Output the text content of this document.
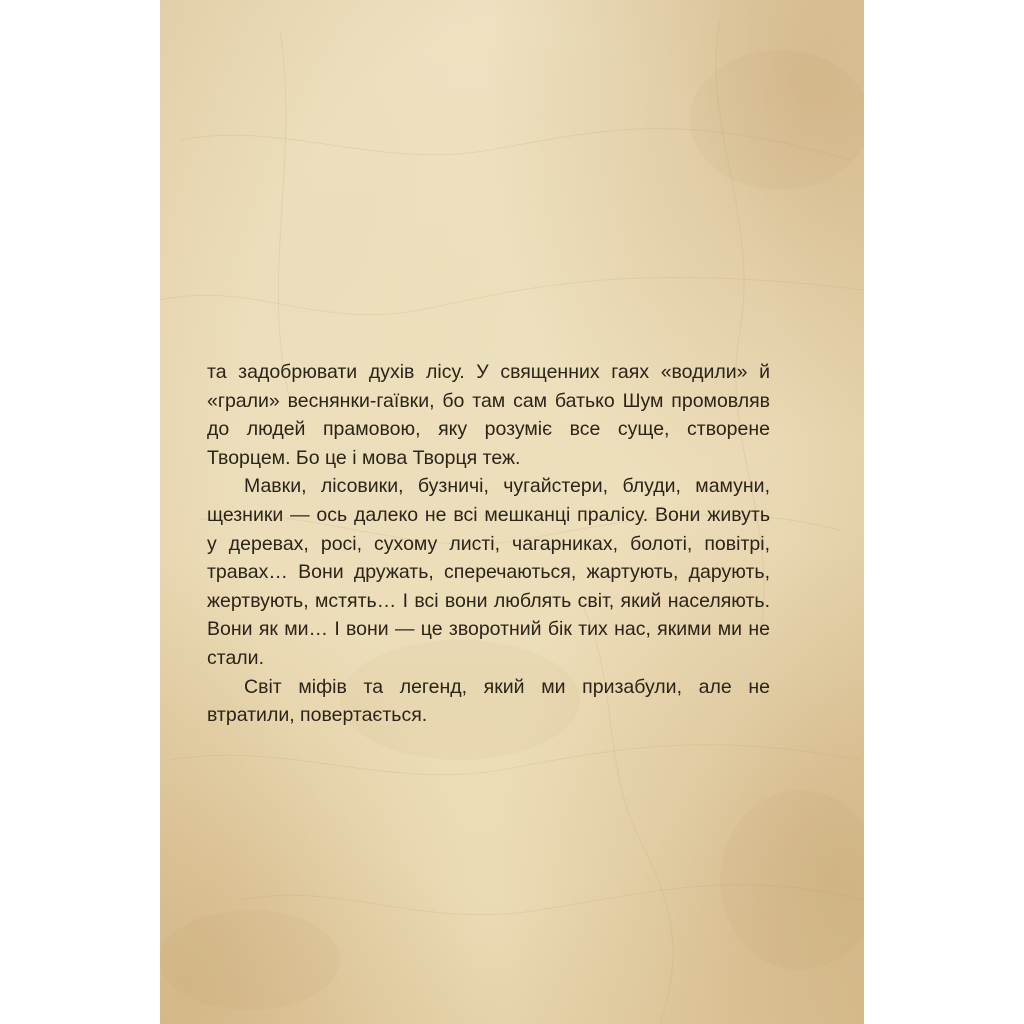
та задобрювати духів лісу. У священних гаях «водили» й «грали» веснянки-гаївки, бо там сам батько Шум промовляв до людей прамовою, яку розуміє все суще, створене Творцем. Бо це і мова Творця теж.

Мавки, лісовики, бузничі, чугайстери, блуди, мамуни, щезники — ось далеко не всі мешканці пралісу. Вони живуть у деревах, росі, сухому листі, чагарниках, болоті, повітрі, травах… Вони дружать, сперечаються, жартують, дарують, жертвують, мстять… І всі вони люблять світ, який населяють. Вони як ми… І вони — це зворотний бік тих нас, якими ми не стали.

Світ міфів та легенд, який ми призабули, але не втратили, повертається.
